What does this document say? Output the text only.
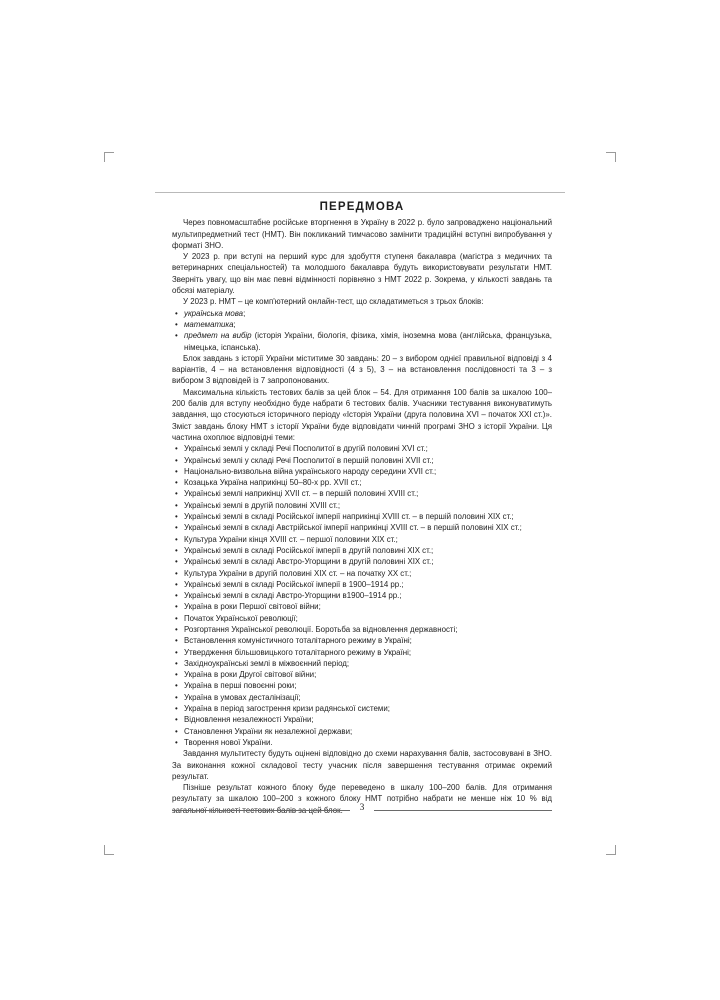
ПЕРЕДМОВА

Через повномасштабне російське вторгнення в Україну в 2022 р. було запроваджено національний мультипредметний тест (НМТ). Він покликаний тимчасово замінити традиційні вступні випробування у форматі ЗНО.

У 2023 р. при вступі на перший курс для здобуття ступеня бакалавра (магістра з медичних та ветеринарних спеціальностей) та молодшого бакалавра будуть використовувати результати НМТ. Зверніть увагу, що він має певні відмінності порівняно з НМТ 2022 р. Зокрема, у кількості завдань та обсязі матеріалу.

У 2023 р. НМТ – це комп'ютерний онлайн-тест, що складатиметься з трьох блоків:

• українська мова;
• математика;
• предмет на вибір (історія України, біологія, фізика, хімія, іноземна мова (англійська, французька, німецька, іспанська).

Блок завдань з історії України міститиме 30 завдань: 20 – з вибором однієї правильної відповіді з 4 варіантів, 4 – на встановлення відповідності (4 з 5), 3 – на встановлення послідовності та 3 – з вибором 3 відповідей із 7 запропонованих.

Максимальна кількість тестових балів за цей блок – 54. Для отримання 100 балів за шкалою 100–200 балів для вступу необхідно буде набрати 6 тестових балів. Учасники тестування виконуватимуть завдання, що стосуються історичного періоду «Історія України (друга половина XVI – початок XXI ст.)». Зміст завдань блоку НМТ з історії України буде відповідати чинній програмі ЗНО з історії України. Ця частина охоплює відповідні теми:

• Українські землі у складі Речі Посполитої в другій половині XVI ст.;
• Українські землі у складі Речі Посполитої в першій половині XVII ст.;
• Національно-визвольна війна українського народу середини XVII ст.;
• Козацька Україна наприкінці 50–80-х рр. XVII ст.;
• Українські землі наприкінці XVII ст. – в першій половині XVIII ст.;
• Українські землі в другій половині XVIII ст.;
• Українські землі в складі Російської імперії наприкінці XVIII ст. – в першій половині XIX ст.;
• Українські землі в складі Австрійської імперії наприкінці XVIII ст. – в першій половині XIX ст.;
• Культура України кінця XVIII ст. – першої половини XIX ст.;
• Українські землі в складі Російської імперії в другій половині XIX ст.;
• Українські землі в складі Австро-Угорщини в другій половині XIX ст.;
• Культура України в другій половині XIX ст. – на початку XX ст.;
• Українські землі в складі Російської імперії в 1900–1914 рр.;
• Українські землі в складі Австро-Угорщини в1900–1914 рр.;
• Україна в роки Першої світової війни;
• Початок Української революції;
• Розгортання Української революції. Боротьба за відновлення державності;
• Встановлення комуністичного тоталітарного режиму в Україні;
• Утвердження більшовицького тоталітарного режиму в Україні;
• Західноукраїнські землі в міжвоєнний період;
• Україна в роки Другої світової війни;
• Україна в перші повоєнні роки;
• Україна в умовах десталінізації;
• Україна в період загострення кризи радянської системи;
• Відновлення незалежності України;
• Становлення України як незалежної держави;
• Творення нової України.

Завдання мультитесту будуть оцінені відповідно до схеми нарахування балів, застосовувані в ЗНО. За виконання кожної складової тесту учасник після завершення тестування отримає окремий результат.

Пізніше результат кожного блоку буде переведено в шкалу 100–200 балів. Для отримання результату за шкалою 100–200 з кожного блоку НМТ потрібно набрати не менше ніж 10 % від

3
